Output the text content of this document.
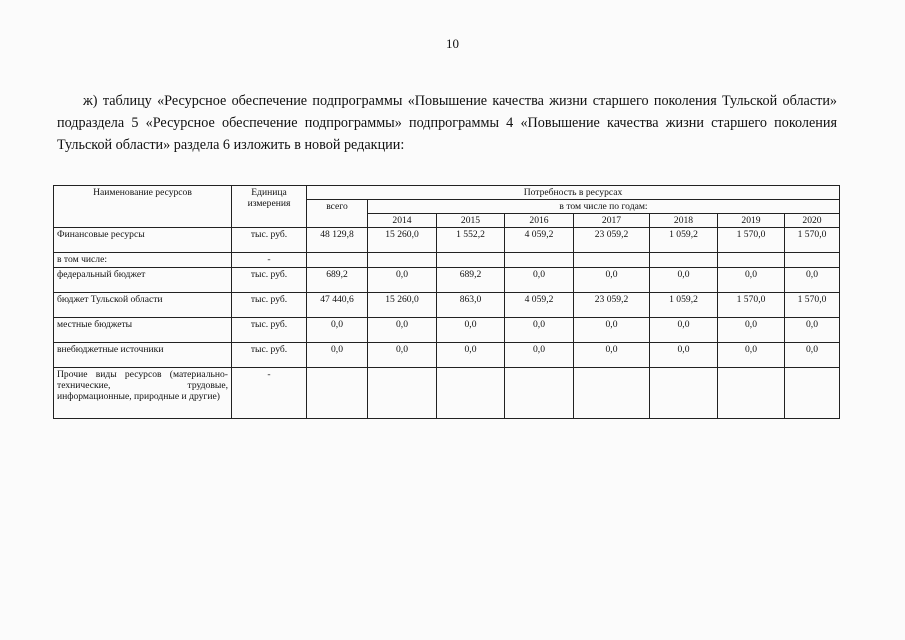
10
ж) таблицу «Ресурсное обеспечение подпрограммы «Повышение качества жизни старшего поколения Тульской области» подраздела 5 «Ресурсное обеспечение подпрограммы» подпрограммы 4 «Повышение качества жизни старшего поколения Тульской области» раздела 6 изложить в новой редакции:
Наименование ресурсов	Единица измерения	Потребность в ресурсах							
		всего	в том числе по годам:						
			2014	2015	2016	2017	2018	2019	2020
Финансовые ресурсы	тыс. руб.	48 129,8	15 260,0	1 552,2	4 059,2	23 059,2	1 059,2	1 570,0	1 570,0
в том числе:	-								
федеральный бюджет	тыс. руб.	689,2	0,0	689,2	0,0	0,0	0,0	0,0	0,0
бюджет Тульской области	тыс. руб.	47 440,6	15 260,0	863,0	4 059,2	23 059,2	1 059,2	1 570,0	1 570,0
местные бюджеты	тыс. руб.	0,0	0,0	0,0	0,0	0,0	0,0	0,0	0,0
внебюджетные источники	тыс. руб.	0,0	0,0	0,0	0,0	0,0	0,0	0,0	0,0
Прочие виды ресурсов (материально-технические, трудовые, информационные, природные и другие)	-								
